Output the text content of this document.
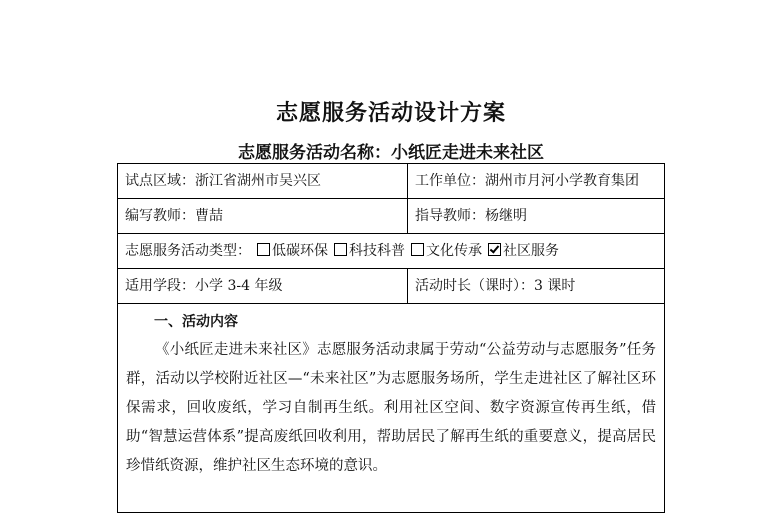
志愿服务活动设计方案
志愿服务活动名称：小纸匠走进未来社区
试点区域：浙江省湖州市吴兴区	工作单位：湖州市月河小学教育集团
编写教师：曹喆	指导教师：杨继明
志愿服务活动类型： 低碳环保 科技科普 文化传承 社区服务	
适用学段：小学 3-4 年级	活动时长（课时）：3 课时

一、活动内容

《小纸匠走进未来社区》志愿服务活动隶属于劳动“公益劳动与志愿服务”任务群，活动以学校附近社区—“未来社区”为志愿服务场所，学生走进社区了解社区环保需求，回收废纸，学习自制再生纸。利用社区空间、数字资源宣传再生纸，借助“智慧运营体系”提高废纸回收利用，帮助居民了解再生纸的重要意义，提高居民珍惜纸资源，维护社区生态环境的意识。	
